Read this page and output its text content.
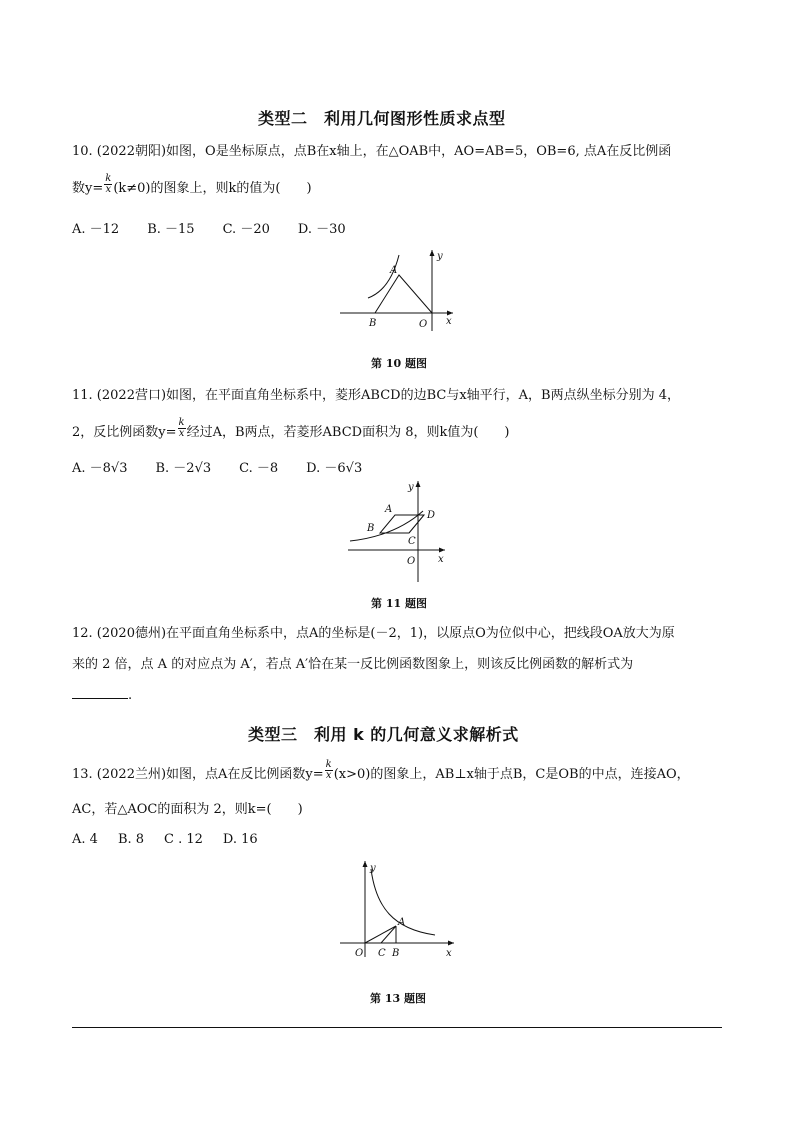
类型二　利用几何图形性质求点型
10. (2022朝阳)如图，O是坐标原点，点B在x轴上，在△OAB中，AO=AB=5，OB=6, 点A在反比例函
数$y= \frac{k}{x} (k\ne 0)$的图象上，则k的值为(　　)
A. －12 B. －15 C. －20 D. －30
A
B	O x
y
第 10 题图
11. (2022营口)如图，在平面直角坐标系中，菱形ABCD的边BC与x轴平行，A，B两点纵坐标分别为 4，
2，反比例函数$y= \frac{k}{x}$ 经过A，B两点，若菱形ABCD面积为 8，则k值为(　　)
A. －8√3 B. －2√3 C. －8 D. －6√3
A
B
C
D
O x
y
第 11 题图
12. (2020德州)在平面直角坐标系中，点A的坐标是(－2，1)，以原点O为位似中心，把线段OA放大为原
来的 2 倍，点 A 的对应点为 A′，若点 A′恰在某一反比例函数图象上，则该反比例函数的解析式为
.
类型三　利用 k 的几何意义求解析式
13. (2022兰州)如图，点A在反比例函数$y= \frac{k}{x} (x>0)$的图象上，AB⊥x轴于点B，C是OB的中点，连接AO，
AC，若△AOC的面积为 2，则k=(　　)
A. 4 B. 8 C . 12 D. 16
A
B
C
O	x
y
第 13 题图
